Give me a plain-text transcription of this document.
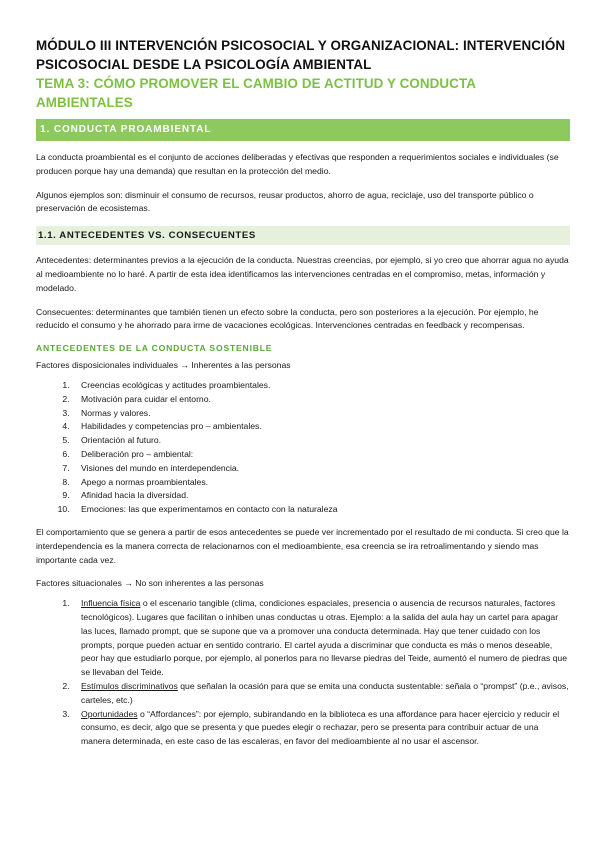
MÓDULO III INTERVENCIÓN PSICOSOCIAL Y ORGANIZACIONAL: INTERVENCIÓN PSICOSOCIAL DESDE LA PSICOLOGÍA AMBIENTAL
TEMA 3: CÓMO PROMOVER EL CAMBIO DE ACTITUD Y CONDUCTA AMBIENTALES
1. CONDUCTA PROAMBIENTAL

La conducta proambiental es el conjunto de acciones deliberadas y efectivas que responden a requerimientos sociales e individuales (se producen porque hay una demanda) que resultan en la protección del medio.

Algunos ejemplos son: disminuir el consumo de recursos, reusar productos, ahorro de agua, reciclaje, uso del transporte público o preservación de ecosistemas.

1.1. ANTECEDENTES VS. CONSECUENTES

Antecedentes: determinantes previos a la ejecución de la conducta. Nuestras creencias, por ejemplo, si yo creo que ahorrar agua no ayuda al medioambiente no lo haré. A partir de esta idea identificamos las intervenciones centradas en el compromiso, metas, información y modelado.

Consecuentes: determinantes que también tienen un efecto sobre la conducta, pero son posteriores a la ejecución. Por ejemplo, he reducido el consumo y he ahorrado para irme de vacaciones ecológicas. Intervenciones centradas en feedback y recompensas.

ANTECEDENTES DE LA CONDUCTA SOSTENIBLE

Factores disposicionales individuales → Inherentes a las personas

1. Creencias ecológicas y actitudes proambientales.
2. Motivación para cuidar el entorno.
3. Normas y valores.
4. Habilidades y competencias pro – ambientales.
5. Orientación al futuro.
6. Deliberación pro – ambiental:
7. Visiones del mundo en interdependencia.
8. Apego a normas proambientales.
9. Afinidad hacia la diversidad.
10. Emociones: las que experimentamos en contacto con la naturaleza

El comportamiento que se genera a partir de esos antecedentes se puede ver incrementado por el resultado de mi conducta. Si creo que la interdependencia es la manera correcta de relacionarnos con el medioambiente, esa creencia se ira retroalimentando y siendo mas importante cada vez.

Factores situacionales → No son inherentes a las personas

1. Influencia física o el escenario tangible (clima, condiciones espaciales, presencia o ausencia de recursos naturales, factores tecnológicos). Lugares que facilitan o inhiben unas conductas u otras. Ejemplo: a la salida del aula hay un cartel para apagar las luces, llamado prompt, que se supone que va a promover una conducta determinada. Hay que tener cuidado con los prompts, porque pueden actuar en sentido contrario. El cartel ayuda a discriminar que conducta es más o menos deseable, peor hay que estudiarlo porque, por ejemplo, al ponerlos para no llevarse piedras del Teide, aumentó el numero de piedras que se llevaban del Teide.
2. Estímulos discriminativos que señalan la ocasión para que se emita una conducta sustentable: señala o “prompst” (p.e., avisos, carteles, etc.)
3. Oportunidades o “Affordances”: por ejemplo, subirandando en la biblioteca es una affordance para hacer ejercicio y reducir el consumo, es decir, algo que se presenta y que puedes elegir o rechazar, pero se presenta para contribuir actuar de una manera determinada, en este caso de las escaleras, en favor del medioambiente al no usar el ascensor.
